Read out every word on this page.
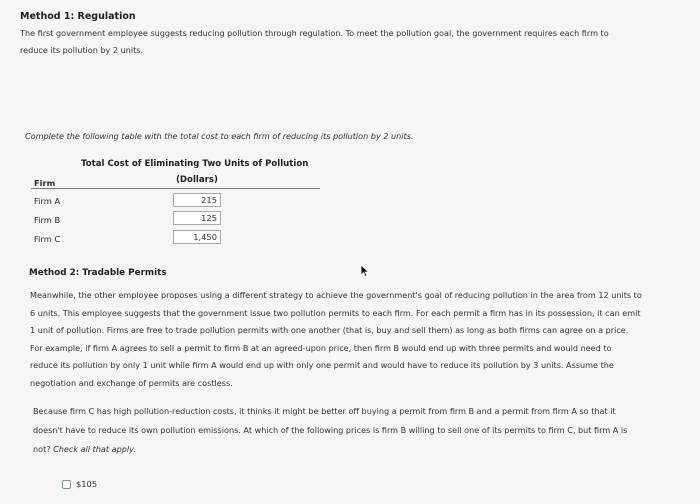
Method 1: Regulation
The first government employee suggests reducing pollution through regulation. To meet the pollution goal, the government requires each firm to
reduce its pollution by 2 units.
Complete the following table with the total cost to each firm of reducing its pollution by 2 units.
Total Cost of Eliminating Two Units of Pollution
(Dollars)
Firm
Firm A	215
Firm B	125
Firm C	1,450
Method 2: Tradable Permits
Meanwhile, the other employee proposes using a different strategy to achieve the government's goal of reducing pollution in the area from 12 units to
6 units. This employee suggests that the government issue two pollution permits to each firm. For each permit a firm has in its possession, it can emit
1 unit of pollution. Firms are free to trade pollution permits with one another (that is, buy and sell them) as long as both firms can agree on a price.
For example, if firm A agrees to sell a permit to firm B at an agreed-upon price, then firm B would end up with three permits and would need to
reduce its pollution by only 1 unit while firm A would end up with only one permit and would have to reduce its pollution by 3 units. Assume the
negotiation and exchange of permits are costless.
Because firm C has high pollution-reduction costs, it thinks it might be better off buying a permit from firm B and a permit from firm A so that it
doesn't have to reduce its own pollution emissions. At which of the following prices is firm B willing to sell one of its permits to firm C, but firm A is
not? Check all that apply.
$105
